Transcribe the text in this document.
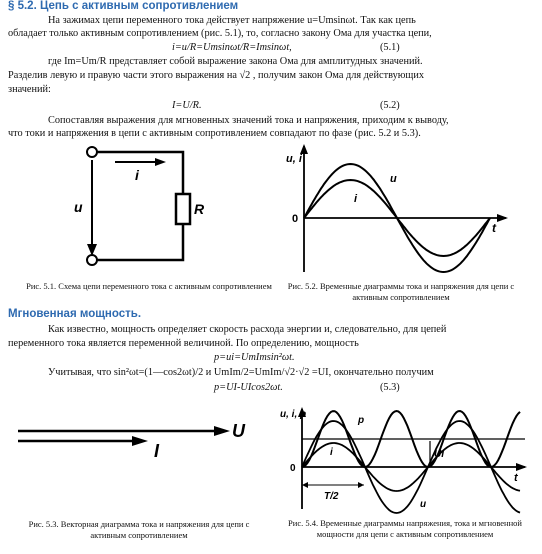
§ 5.2. Цепь с активным сопротивлением
На зажимах цепи переменного тока действует напряжение u=Umsinωt. Так как цепь
обладает только активным сопротивлением (рис. 5.1), то, согласно закону Ома для участка цепи,
i=u/R=Umsinωt/R=Imsinωt,	(5.1)
где Im=Um/R представляет собой выражение закона Ома для амплитудных значений.
Разделив левую и правую части этого выражения на √2 , получим закон Ома для действующих
значений:
I=U/R.	(5.2)
Сопоставляя выражения для мгновенных значений тока и напряжения, приходим к выводу,
что токи и напряжения в цепи с активным сопротивлением совпадают по фазе (рис. 5.2 и 5.3).
i
u	R
Рис. 5.1. Схема цепи переменного тока с активным сопротивлением
u, i
t
0
u
i
Рис. 5.2. Временные диаграммы тока и напряжения для цепи с активным сопротивлением
Мгновенная мощность.
Как известно, мощность определяет скорость расхода энергии и, следовательно, для цепей
переменного тока является переменной величиной. По определению, мощность
p=ui=UmImsin²ωt.
Учитывая, что sin²ωt=(1—cos2ωt)/2 и UmIm/2=UmIm/√2·√2 =UI, окончательно получим
p=UI-UIcos2ωt.	(5.3)
U
I
Рис. 5.3. Векторная диаграмма тока и напряжения для цепи с активным сопротивлением
u, i, p
t
0
p
i	UI
T/2
u
Рис. 5.4. Временные диаграммы напряжения, тока и мгновенной мощности для цепи с активным сопротивлением
